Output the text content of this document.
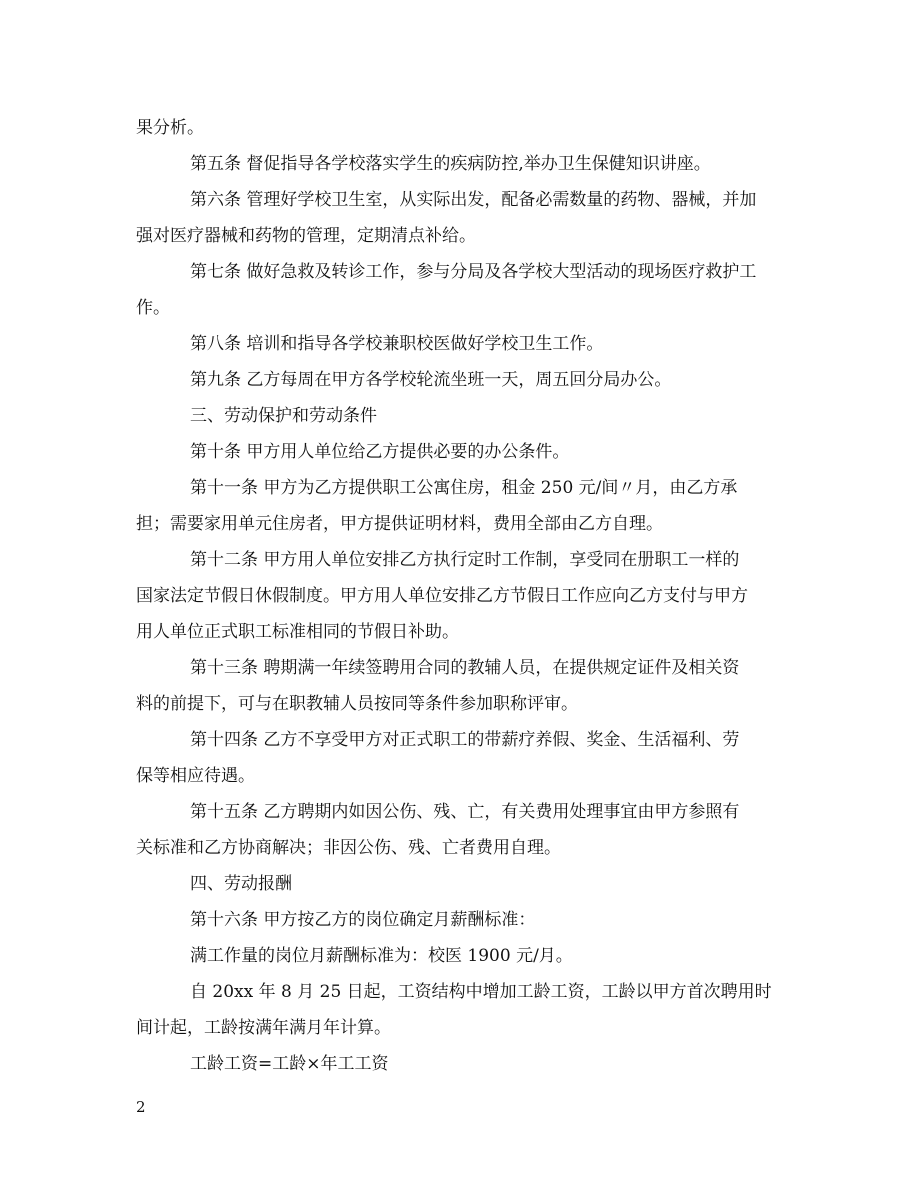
果分析。
第五条 督促指导各学校落实学生的疾病防控,举办卫生保健知识讲座。
第六条 管理好学校卫生室，从实际出发，配备必需数量的药物、器械，并加
强对医疗器械和药物的管理，定期清点补给。
第七条 做好急救及转诊工作，参与分局及各学校大型活动的现场医疗救护工
作。
第八条 培训和指导各学校兼职校医做好学校卫生工作。
第九条 乙方每周在甲方各学校轮流坐班一天，周五回分局办公。
三、劳动保护和劳动条件
第十条 甲方用人单位给乙方提供必要的办公条件。
第十一条 甲方为乙方提供职工公寓住房，租金 250 元/间〃月，由乙方承
担；需要家用单元住房者，甲方提供证明材料，费用全部由乙方自理。
第十二条 甲方用人单位安排乙方执行定时工作制，享受同在册职工一样的
国家法定节假日休假制度。甲方用人单位安排乙方节假日工作应向乙方支付与甲方
用人单位正式职工标准相同的节假日补助。
第十三条 聘期满一年续签聘用合同的教辅人员，在提供规定证件及相关资
料的前提下，可与在职教辅人员按同等条件参加职称评审。
第十四条 乙方不享受甲方对正式职工的带薪疗养假、奖金、生活福利、劳
保等相应待遇。
第十五条 乙方聘期内如因公伤、残、亡，有关费用处理事宜由甲方参照有
关标准和乙方协商解决；非因公伤、残、亡者费用自理。
四、劳动报酬
第十六条 甲方按乙方的岗位确定月薪酬标准：
满工作量的岗位月薪酬标准为：校医 1900 元/月。
自 20xx 年 8 月 25 日起，工资结构中增加工龄工资，工龄以甲方首次聘用时
间计起，工龄按满年满月年计算。
工龄工资=工龄×年工工资
2
